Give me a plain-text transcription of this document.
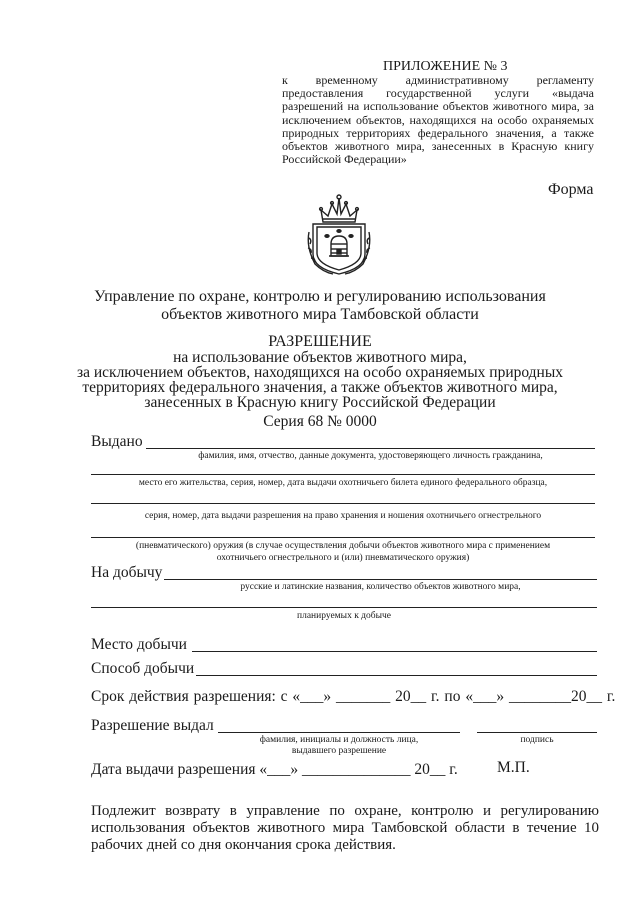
ПРИЛОЖЕНИЕ № 3
к временному административному регламенту предоставления государственной услуги «выдача разрешений на использование объектов животного мира, за исключением объектов, находящихся на особо охраняемых природных территориях федерального значения, а также объектов животного мира, занесенных в Красную книгу Российской Федерации»
Форма
Управление по охране, контролю и регулированию использования
объектов животного мира Тамбовской области
РАЗРЕШЕНИЕ
на использование объектов животного мира,
за исключением объектов, находящихся на особо охраняемых природных
территориях федерального значения, а также объектов животного мира,
занесенных в Красную книгу Российской Федерации
Серия 68 № 0000
Выдано
фамилия, имя, отчество, данные документа, удостоверяющего личность гражданина,
место его жительства, серия, номер, дата выдачи охотничьего билета единого федерального образца,
серия, номер, дата выдачи разрешения на право хранения и ношения охотничьего огнестрельного
(пневматического) оружия (в случае осуществления добычи объектов животного мира с применением
охотничьего огнестрельного и (или) пневматического оружия)
На добычу
русские и латинские названия, количество объектов животного мира,
планируемых к добыче
Место добычи
Способ добычи
Срок действия разрешения: с «___» _______ 20__ г. по «___» ________20__ г.
Разрешение выдал
фамилия, инициалы и должность лица,
выдавшего разрешение
подпись
Дата выдачи разрешения «___» ______________ 20__ г.	М.П.
Подлежит возврату в управление по охране, контролю и регулированию использования объектов животного мира Тамбовской области в течение 10 рабочих дней со дня окончания срока действия.
